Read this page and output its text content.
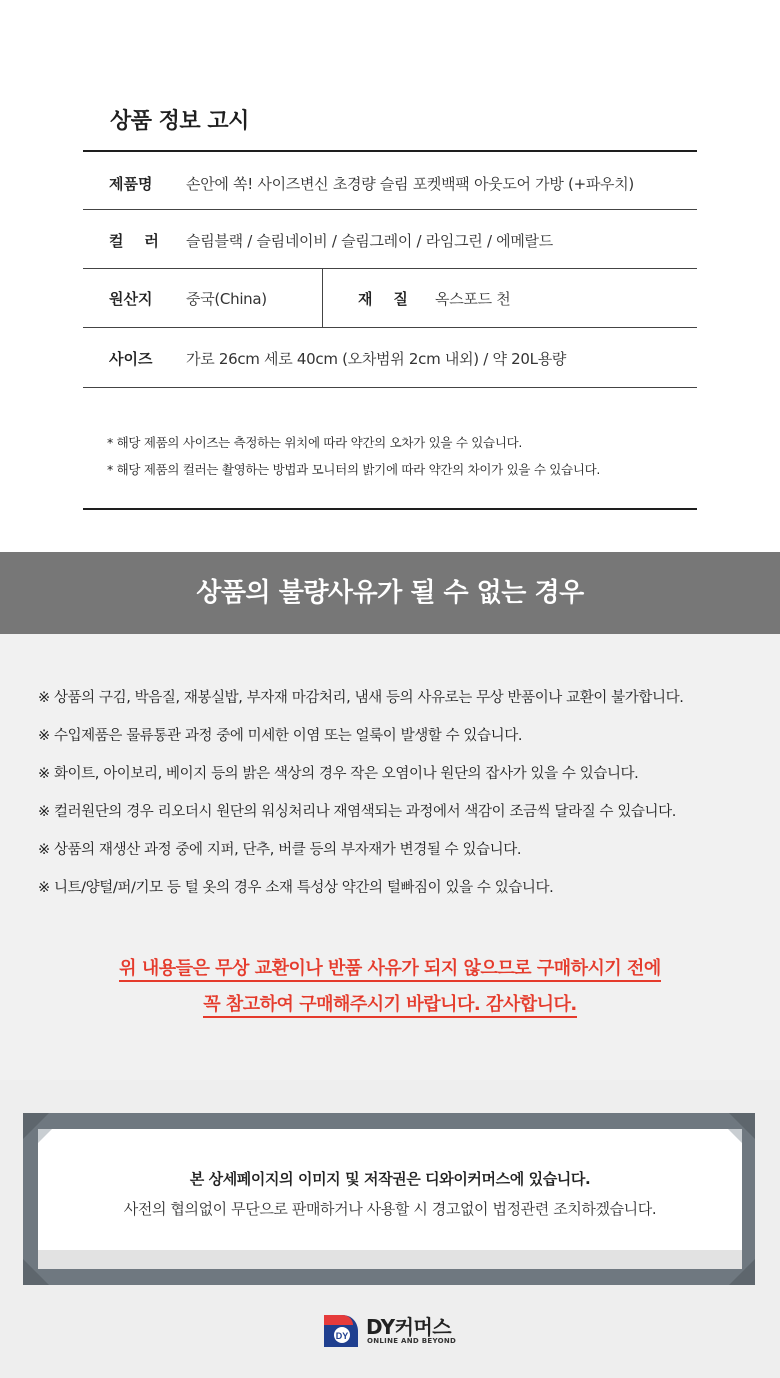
상품 정보 고시
제품명 손안에 쏙! 사이즈변신 초경량 슬림 포켓백팩 아웃도어 가방 (+파우치)
컬    러 슬림블랙 / 슬림네이비 / 슬림그레이 / 라임그린 / 에메랄드
원산지 중국(China)	재    질 옥스포드 천
사이즈 가로 26cm 세로 40cm (오차범위 2cm 내외) / 약 20L용량
* 해당 제품의 사이즈는 측정하는 위치에 따라 약간의 오차가 있을 수 있습니다.
* 해당 제품의 컬러는 촬영하는 방법과 모니터의 밝기에 따라 약간의 차이가 있을 수 있습니다.
상품의 불량사유가 될 수 없는 경우
※ 상품의 구김, 박음질, 재봉실밥, 부자재 마감처리, 냄새 등의 사유로는 무상 반품이나 교환이 불가합니다.
※ 수입제품은 물류통관 과정 중에 미세한 이염 또는 얼룩이 발생할 수 있습니다.
※ 화이트, 아이보리, 베이지 등의 밝은 색상의 경우 작은 오염이나 원단의 잡사가 있을 수 있습니다.
※ 컬러원단의 경우 리오더시 원단의 워싱처리나 재염색되는 과정에서 색감이 조금씩 달라질 수 있습니다.
※ 상품의 재생산 과정 중에 지퍼, 단추, 버클 등의 부자재가 변경될 수 있습니다.
※ 니트/양털/퍼/기모 등 털 옷의 경우 소재 특성상 약간의 털빠짐이 있을 수 있습니다.
위 내용들은 무상 교환이나 반품 사유가 되지 않으므로 구매하시기 전에
꼭 참고하여 구매해주시기 바랍니다. 감사합니다.
본 상세페이지의 이미지 및 저작권은 디와이커머스에 있습니다.
사전의 협의없이 무단으로 판매하거나 사용할 시 경고없이 법정관련 조치하겠습니다.
DY DY커머스
ONLINE AND BEYOND
